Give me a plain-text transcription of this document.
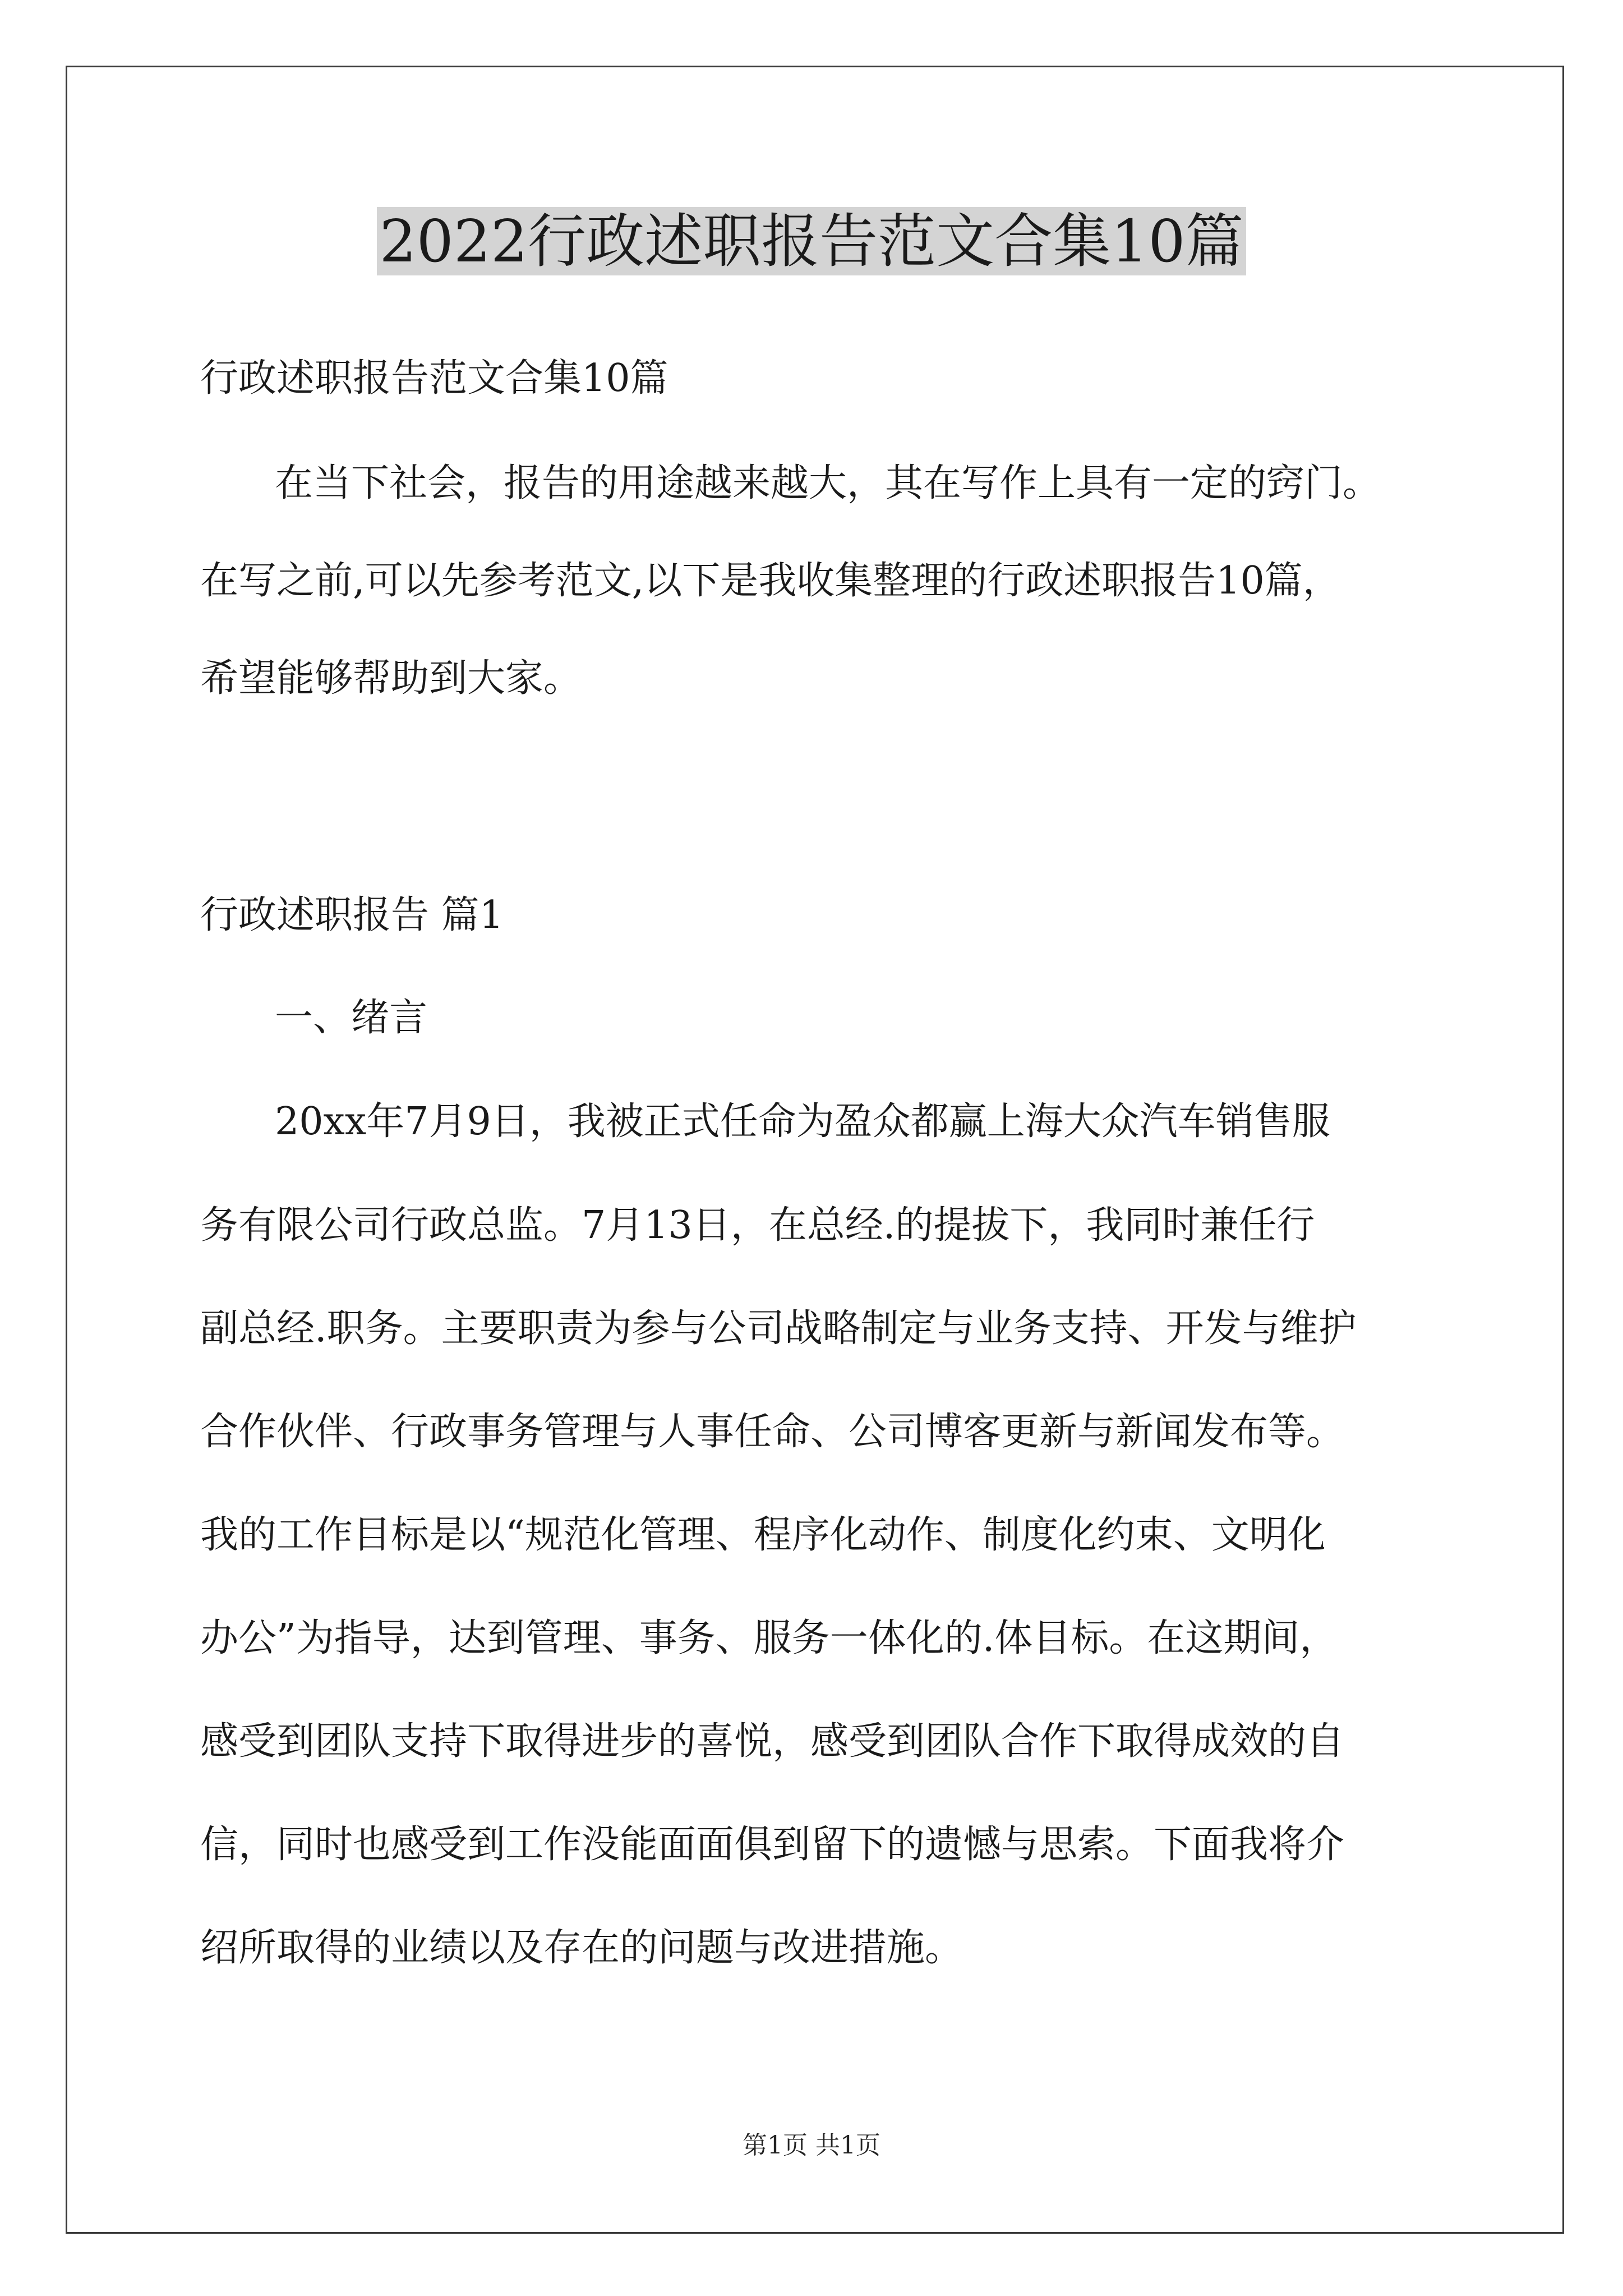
2022行政述职报告范文合集10篇
行政述职报告范文合集10篇
在当下社会，报告的用途越来越大，其在写作上具有一定的窍门。
在写之前,可以先参考范文,以下是我收集整理的行政述职报告10篇，
希望能够帮助到大家。
行政述职报告 篇1
一、绪言
20xx年7月9日，我被正式任命为盈众都赢上海大众汽车销售服
务有限公司行政总监。7月13日，在总经.的提拔下，我同时兼任行
副总经.职务。主要职责为参与公司战略制定与业务支持、开发与维护
合作伙伴、行政事务管理与人事任命、公司博客更新与新闻发布等。
我的工作目标是以“规范化管理、程序化动作、制度化约束、文明化
办公”为指导，达到管理、事务、服务一体化的.体目标。在这期间，
感受到团队支持下取得进步的喜悦，感受到团队合作下取得成效的自
信，同时也感受到工作没能面面俱到留下的遗憾与思索。下面我将介
绍所取得的业绩以及存在的问题与改进措施。
第1页 共1页
